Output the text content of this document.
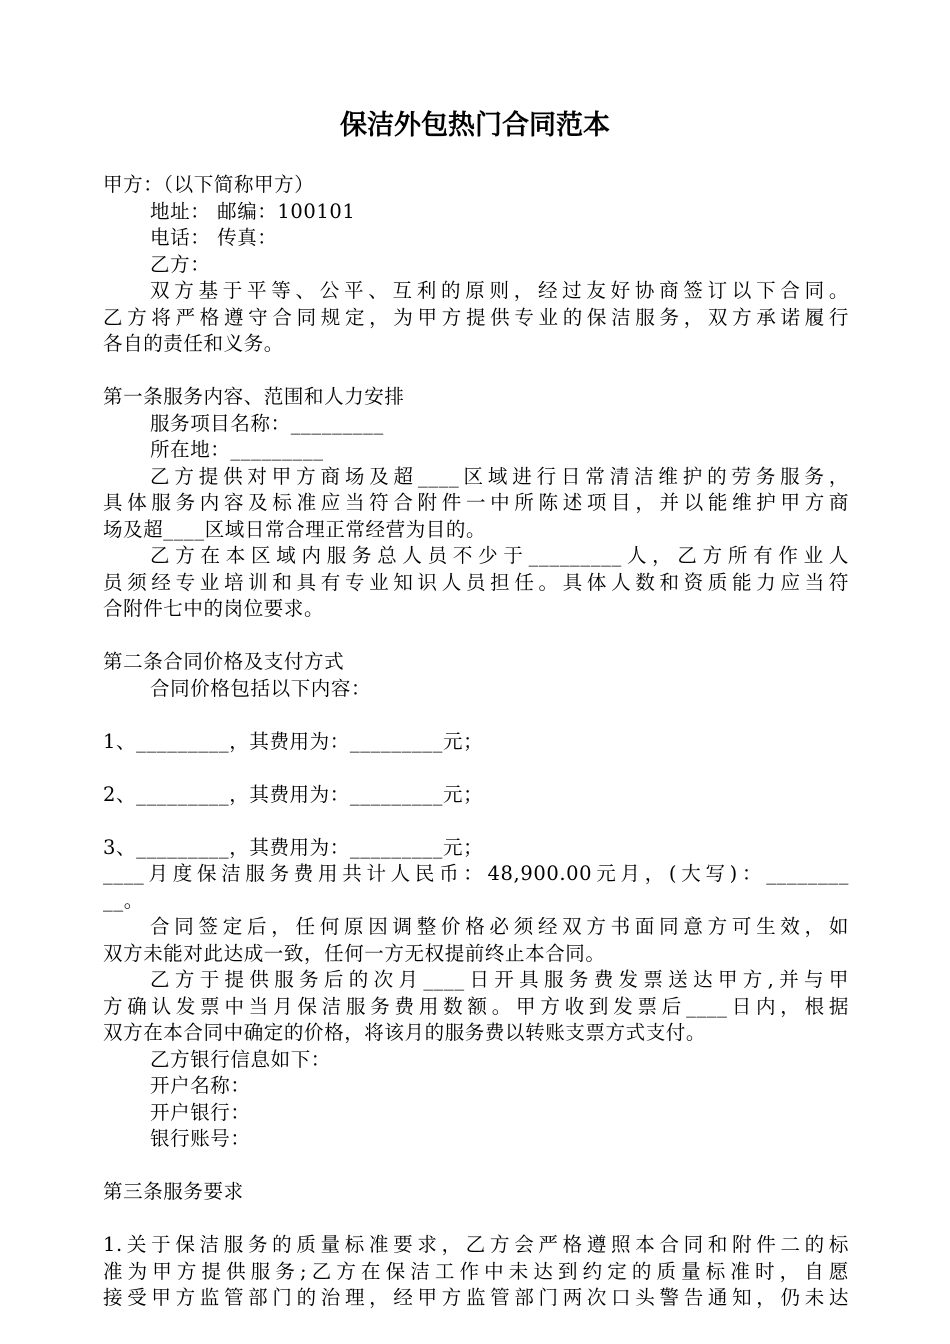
保洁外包热门合同范本
甲方：（以下简称甲方）
地址： 邮编：100101
电话： 传真：
乙方：
双方基于平等、公平、互利的原则，经过友好协商签订以下合同。
乙方将严格遵守合同规定，为甲方提供专业的保洁服务，双方承诺履行
各自的责任和义务。
第一条服务内容、范围和人力安排
服务项目名称：_________
所在地：_________
乙方提供对甲方商场及超____区域进行日常清洁维护的劳务服务，
具体服务内容及标准应当符合附件一中所陈述项目，并以能维护甲方商
场及超____区域日常合理正常经营为目的。
乙方在本区域内服务总人员不少于_________人，乙方所有作业人
员须经专业培训和具有专业知识人员担任。具体人数和资质能力应当符
合附件七中的岗位要求。
第二条合同价格及支付方式
合同价格包括以下内容：
1、_________，其费用为：_________元；
2、_________，其费用为：_________元；
3、_________，其费用为：_________元；
____月度保洁服务费用共计人民币：48,900.00元月，(大写)：________
__。
合同签定后，任何原因调整价格必须经双方书面同意方可生效，如
双方未能对此达成一致，任何一方无权提前终止本合同。
乙方于提供服务后的次月____日开具服务费发票送达甲方,并与甲
方确认发票中当月保洁服务费用数额。甲方收到发票后____日内，根据
双方在本合同中确定的价格，将该月的服务费以转账支票方式支付。
乙方银行信息如下：
开户名称：
开户银行：
银行账号：
第三条服务要求
1.关于保洁服务的质量标准要求，乙方会严格遵照本合同和附件二的标
准为甲方提供服务;乙方在保洁工作中未达到约定的质量标准时，自愿
接受甲方监管部门的治理，经甲方监管部门两次口头警告通知，仍未达
